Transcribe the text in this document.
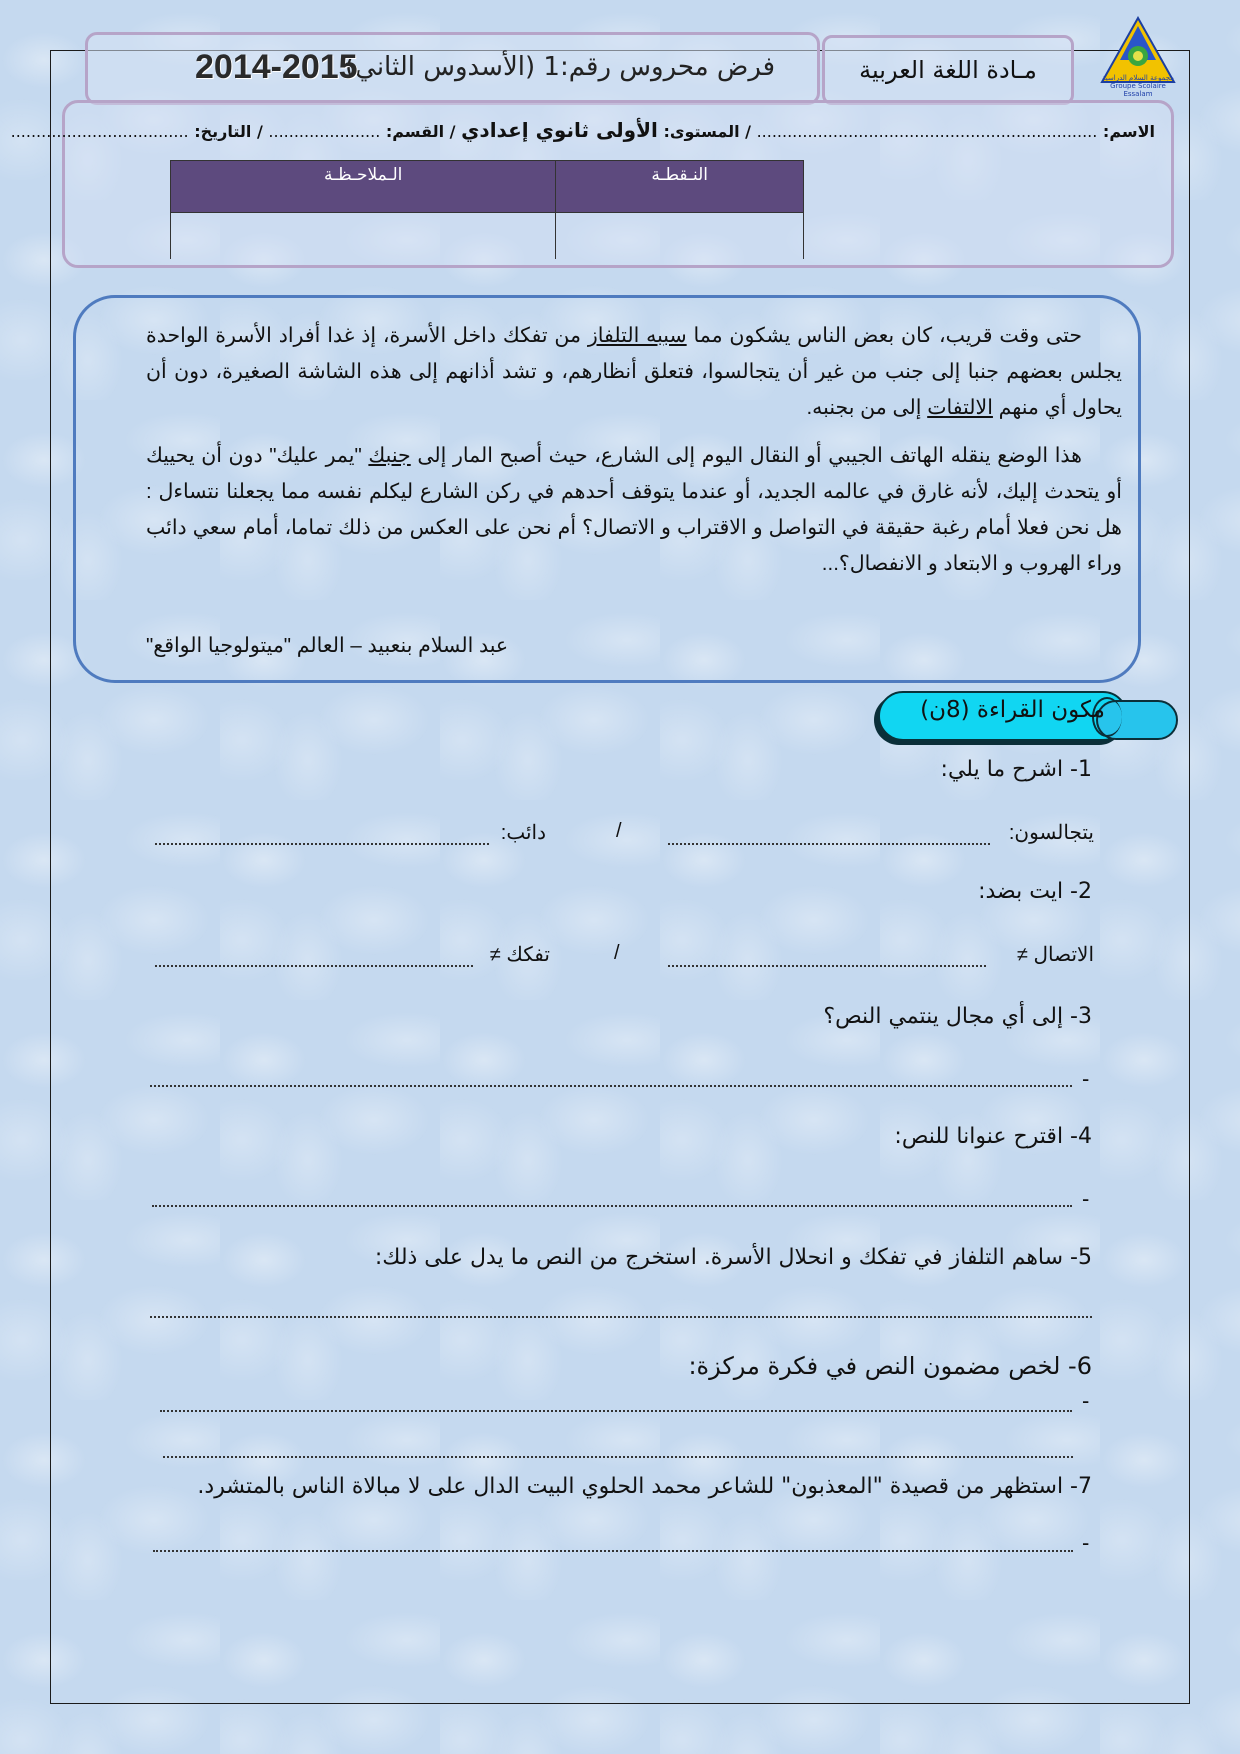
مجموعة السلام الدراسية
Groupe Scolaire Essalam
مـادة اللغة العربية
فرض محروس رقم:1 (الأسدوس الثاني)
2014-2015
الاسم: ................................................................... / المستوى: الأولى ثانوي إعدادي / القسم: ...................... / التاريخ: ...................................
الـملاحـظـة	النـقطـة

حتى وقت قريب، كان بعض الناس يشكون مما سببه التلفاز من تفكك داخل الأسرة، إذ غدا أفراد الأسرة الواحدة يجلس بعضهم جنبا إلى جنب من غير أن يتجالسوا، فتعلق أنظارهم، و تشد أذانهم إلى هذه الشاشة الصغيرة، دون أن يحاول أي منهم الالتفات إلى من بجنبه.

هذا الوضع ينقله الهاتف الجيبي أو النقال اليوم إلى الشارع، حيث أصبح المار إلى جنبك "يمر عليك" دون أن يحييك أو يتحدث إليك، لأنه غارق في عالمه الجديد، أو عندما يتوقف أحدهم في ركن الشارع ليكلم نفسه مما يجعلنا نتساءل : هل نحن فعلا أمام رغبة حقيقة في التواصل و الاقتراب و الاتصال؟ أم نحن على العكس من ذلك تماما، أمام سعي دائب وراء الهروب و الابتعاد و الانفصال؟...

عبد السلام بنعبيد – العالم "ميتولوجيا الواقع"
مكون القراءة (8ن)
1- اشرح ما يلي:
يتجالسون:
/
دائب:
2- ايت بضد:
الاتصال ≠
/
تفكك ≠
3- إلى أي مجال ينتمي النص؟
-
4- اقترح عنوانا للنص:
-
5- ساهم التلفاز في تفكك و انحلال الأسرة. استخرج من النص ما يدل على ذلك:
6- لخص مضمون النص في فكرة مركزة:
-
7- استظهر من قصيدة "المعذبون" للشاعر محمد الحلوي البيت الدال على لا مبالاة الناس بالمتشرد.
-
